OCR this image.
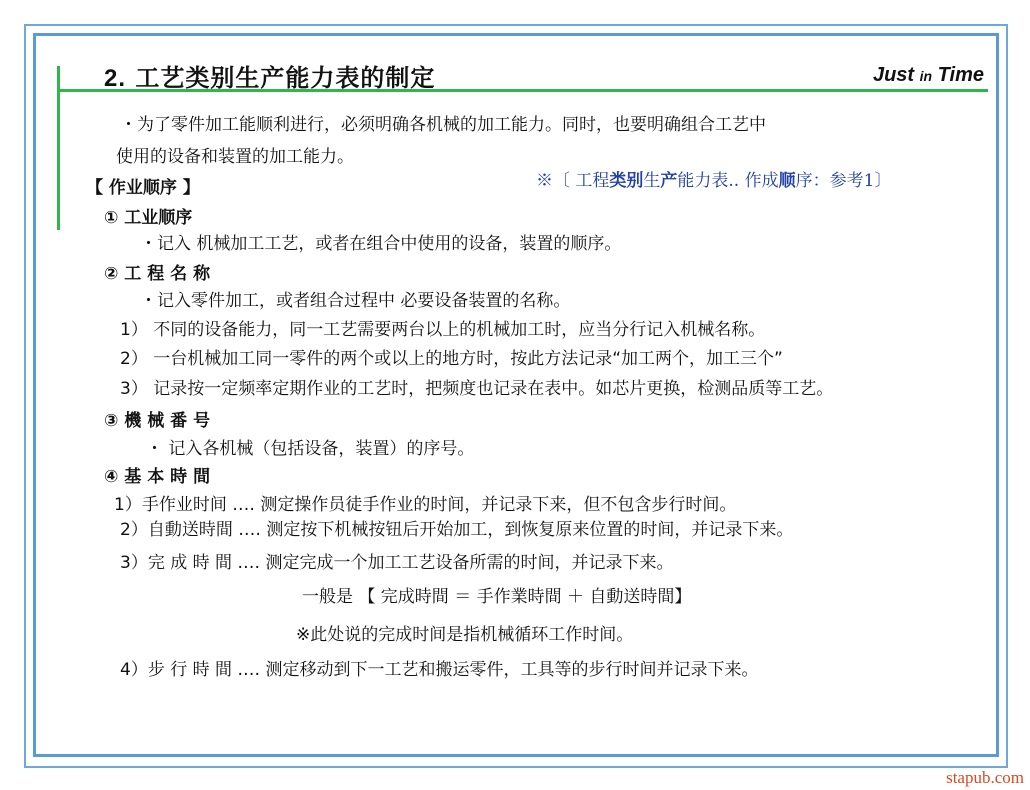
2. 工艺类别生产能力表的制定	Just in Time
・为了零件加工能顺利进行，必须明确各机械的加工能力。同时，也要明确组合工艺中
使用的设备和装置的加工能力。
※〔 工程类别生产能力表.. 作成顺序：参考1〕
【 作业顺序 】
① 工业顺序
・记入 机械加工工艺，或者在组合中使用的设备，装置的顺序。
② 工 程 名 称
・记入零件加工，或者组合过程中 必要设备装置的名称。
1） 不同的设备能力，同一工艺需要两台以上的机械加工时，应当分行记入机械名称。
2） 一台机械加工同一零件的两个或以上的地方时，按此方法记录“加工两个，加工三个”
3） 记录按一定频率定期作业的工艺时，把频度也记录在表中。如芯片更换，检测品质等工艺。
③ 機 械 番 号
・ 记入各机械（包括设备，装置）的序号。
④ 基 本 時 間
1）手作业时间 ‥‥ 测定操作员徒手作业的时间，并记录下来，但不包含步行时间。
2）自動送時間 ‥‥ 测定按下机械按钮后开始加工，到恢复原来位置的时间，并记录下来。
3）完 成 時 間 ‥‥ 测定完成一个加工工艺设备所需的时间，并记录下来。
一般是 【 完成時間 ＝ 手作業時間 ＋ 自動送時間】
※此处说的完成时间是指机械循环工作时间。
4）步 行 時 間 ‥‥ 测定移动到下一工艺和搬运零件，工具等的步行时间并记录下来。
stapub.com
